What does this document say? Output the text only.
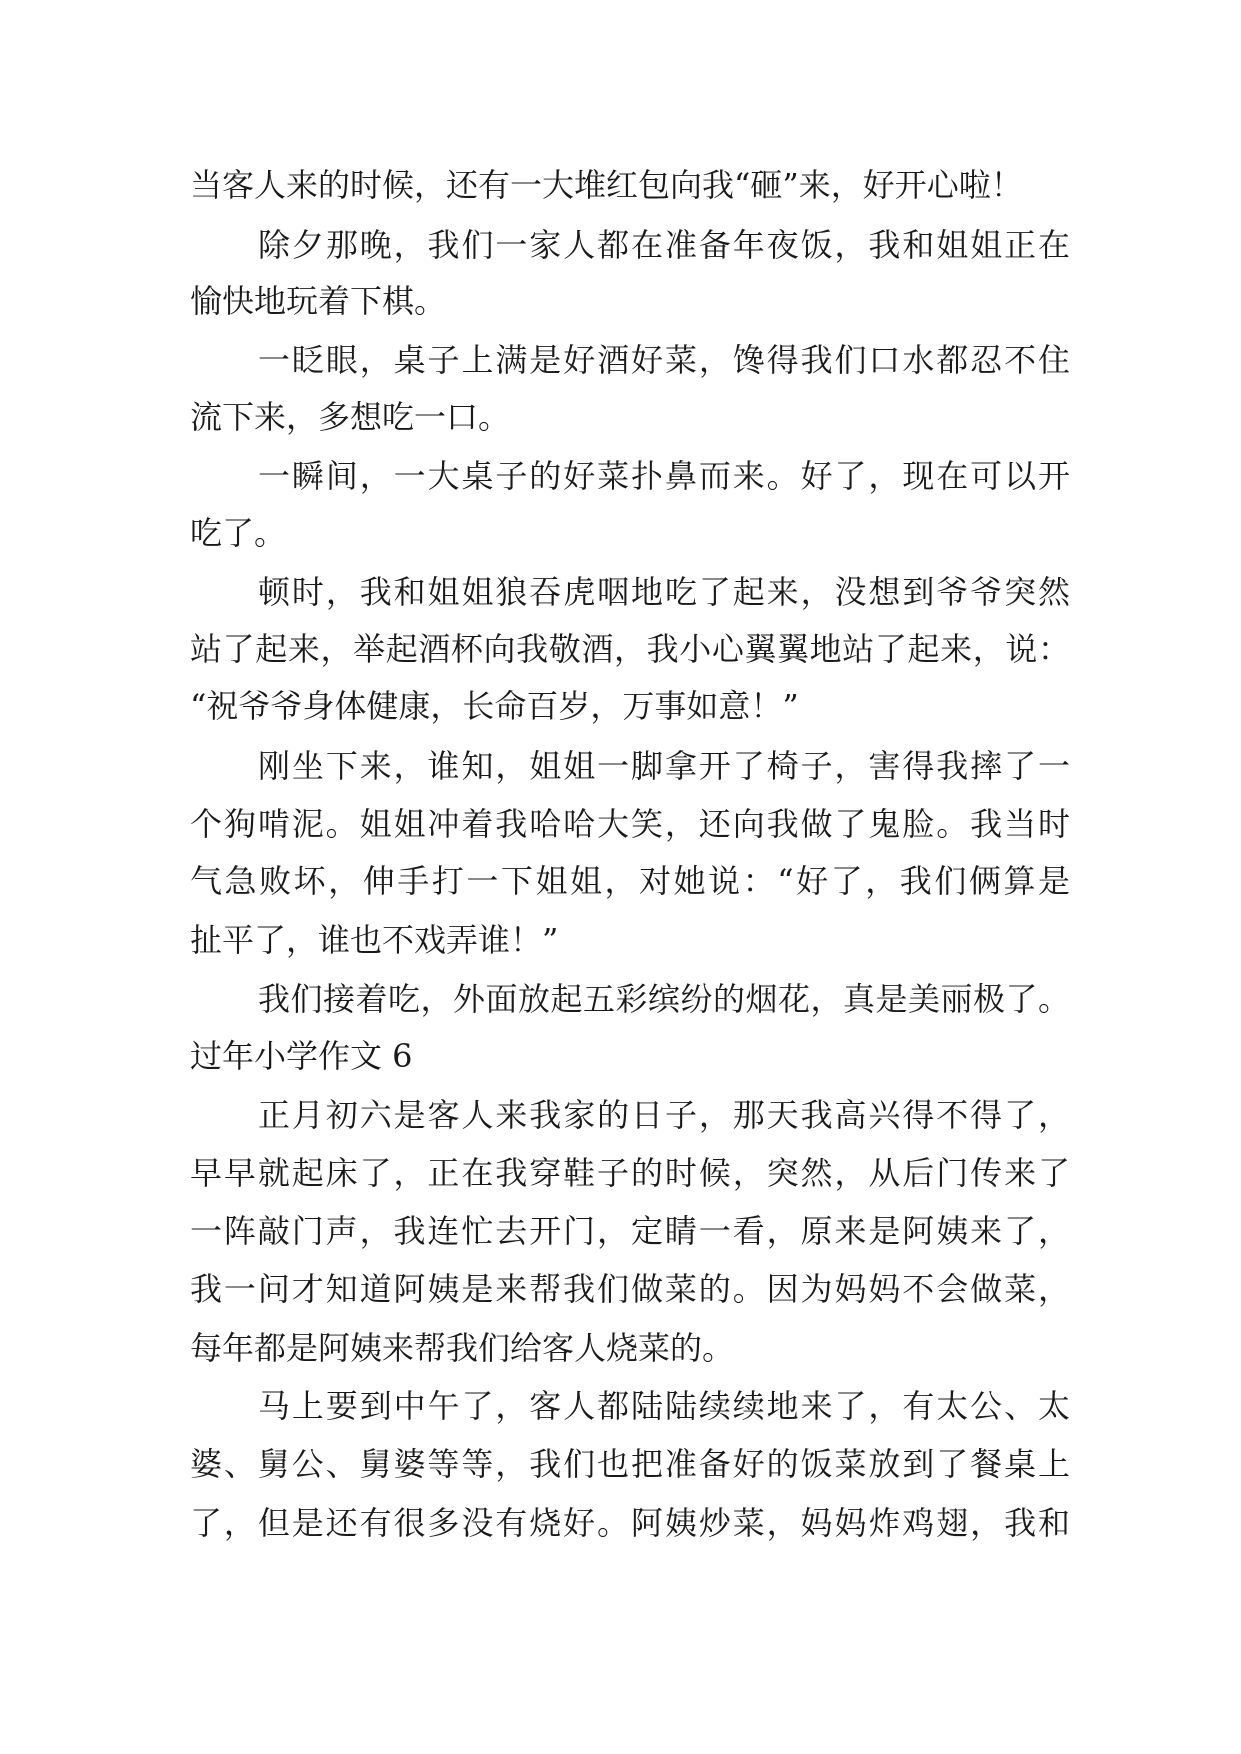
当客人来的时候，还有一大堆红包向我“砸”来，好开心啦！
除夕那晚，我们一家人都在准备年夜饭，我和姐姐正在
愉快地玩着下棋。
一眨眼，桌子上满是好酒好菜，馋得我们口水都忍不住
流下来，多想吃一口。
一瞬间，一大桌子的好菜扑鼻而来。好了，现在可以开
吃了。
顿时，我和姐姐狼吞虎咽地吃了起来，没想到爷爷突然
站了起来，举起酒杯向我敬酒，我小心翼翼地站了起来，说：
“祝爷爷身体健康，长命百岁，万事如意！”
刚坐下来，谁知，姐姐一脚拿开了椅子，害得我摔了一
个狗啃泥。姐姐冲着我哈哈大笑，还向我做了鬼脸。我当时
气急败坏，伸手打一下姐姐，对她说：“好了，我们俩算是
扯平了，谁也不戏弄谁！”
我们接着吃，外面放起五彩缤纷的烟花，真是美丽极了。
过年小学作文 6
正月初六是客人来我家的日子，那天我高兴得不得了，
早早就起床了，正在我穿鞋子的时候，突然，从后门传来了
一阵敲门声，我连忙去开门，定睛一看，原来是阿姨来了，
我一问才知道阿姨是来帮我们做菜的。因为妈妈不会做菜，
每年都是阿姨来帮我们给客人烧菜的。
马上要到中午了，客人都陆陆续续地来了，有太公、太
婆、舅公、舅婆等等，我们也把准备好的饭菜放到了餐桌上
了，但是还有很多没有烧好。阿姨炒菜，妈妈炸鸡翅，我和
